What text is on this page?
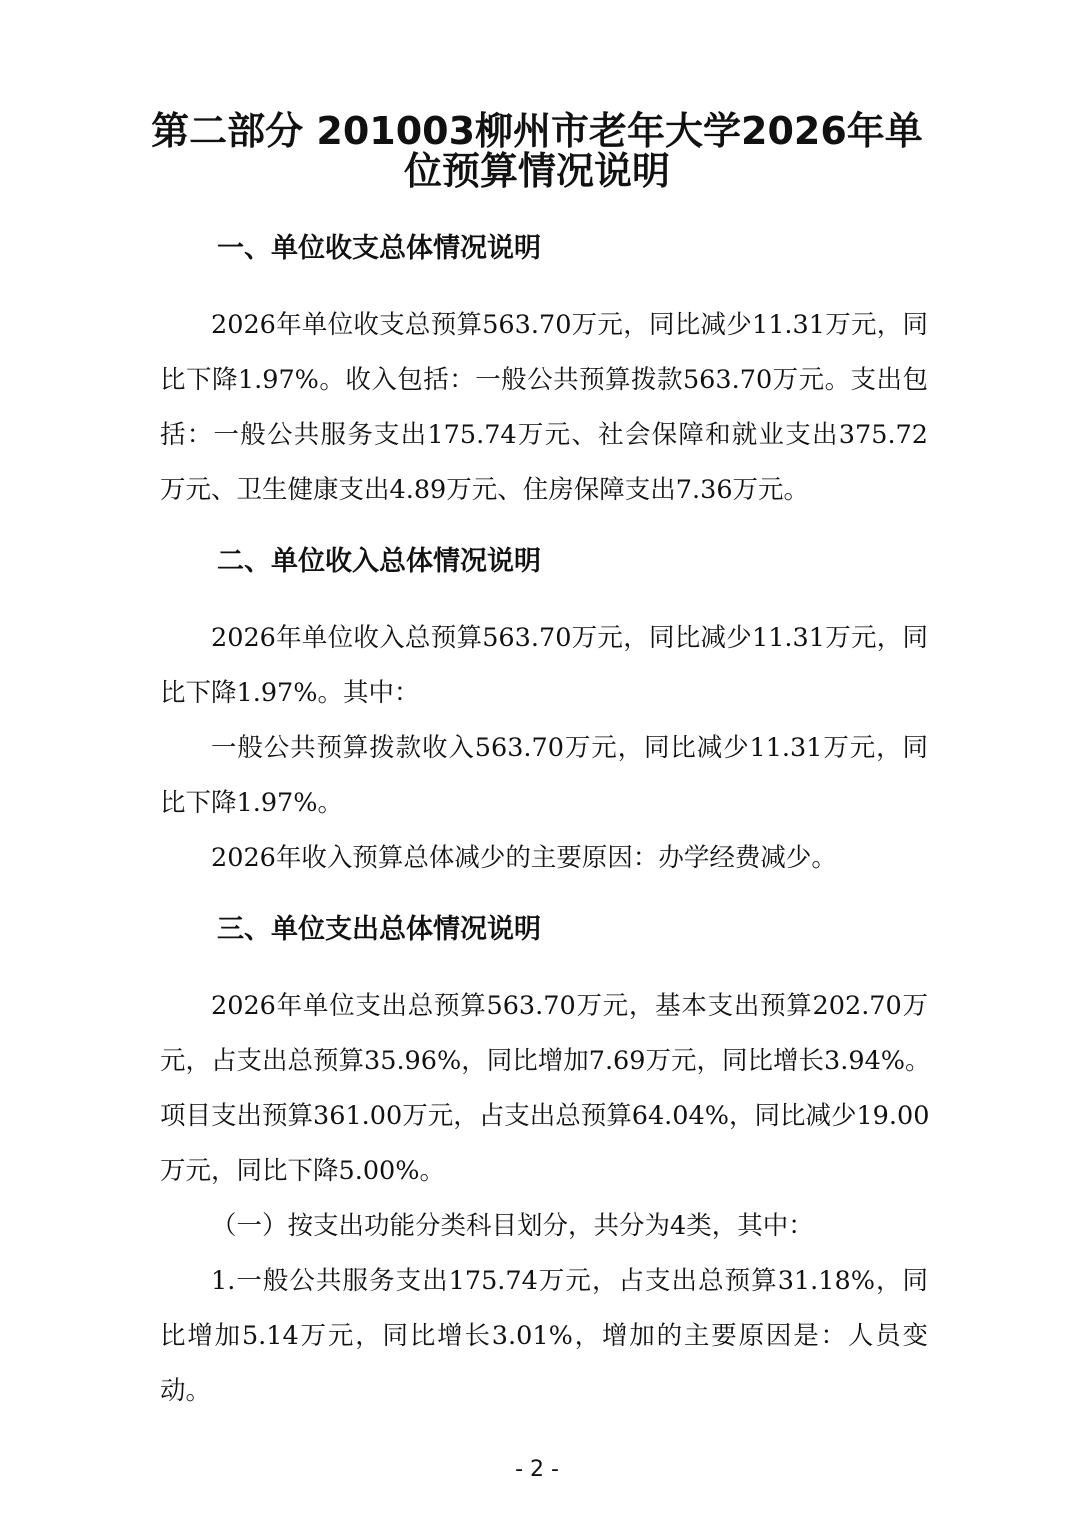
第二部分 201003柳州市老年大学2026年单
位预算情况说明
一、单位收支总体情况说明
2026年单位收支总预算563.70万元，同比减少11.31万元，同
比下降1.97%。收入包括：一般公共预算拨款563.70万元。支出包
括：一般公共服务支出175.74万元、社会保障和就业支出375.72
万元、卫生健康支出4.89万元、住房保障支出7.36万元。
二、单位收入总体情况说明
2026年单位收入总预算563.70万元，同比减少11.31万元，同
比下降1.97%。其中：
一般公共预算拨款收入563.70万元，同比减少11.31万元，同
比下降1.97%。
2026年收入预算总体减少的主要原因：办学经费减少。
三、单位支出总体情况说明
2026年单位支出总预算563.70万元，基本支出预算202.70万
元，占支出总预算35.96%，同比增加7.69万元，同比增长3.94%。
项目支出预算361.00万元，占支出总预算64.04%，同比减少19.00
万元，同比下降5.00%。
（一）按支出功能分类科目划分，共分为4类，其中：
1.一般公共服务支出175.74万元，占支出总预算31.18%，同
比增加5.14万元，同比增长3.01%，增加的主要原因是：人员变
动。
- 2 -
